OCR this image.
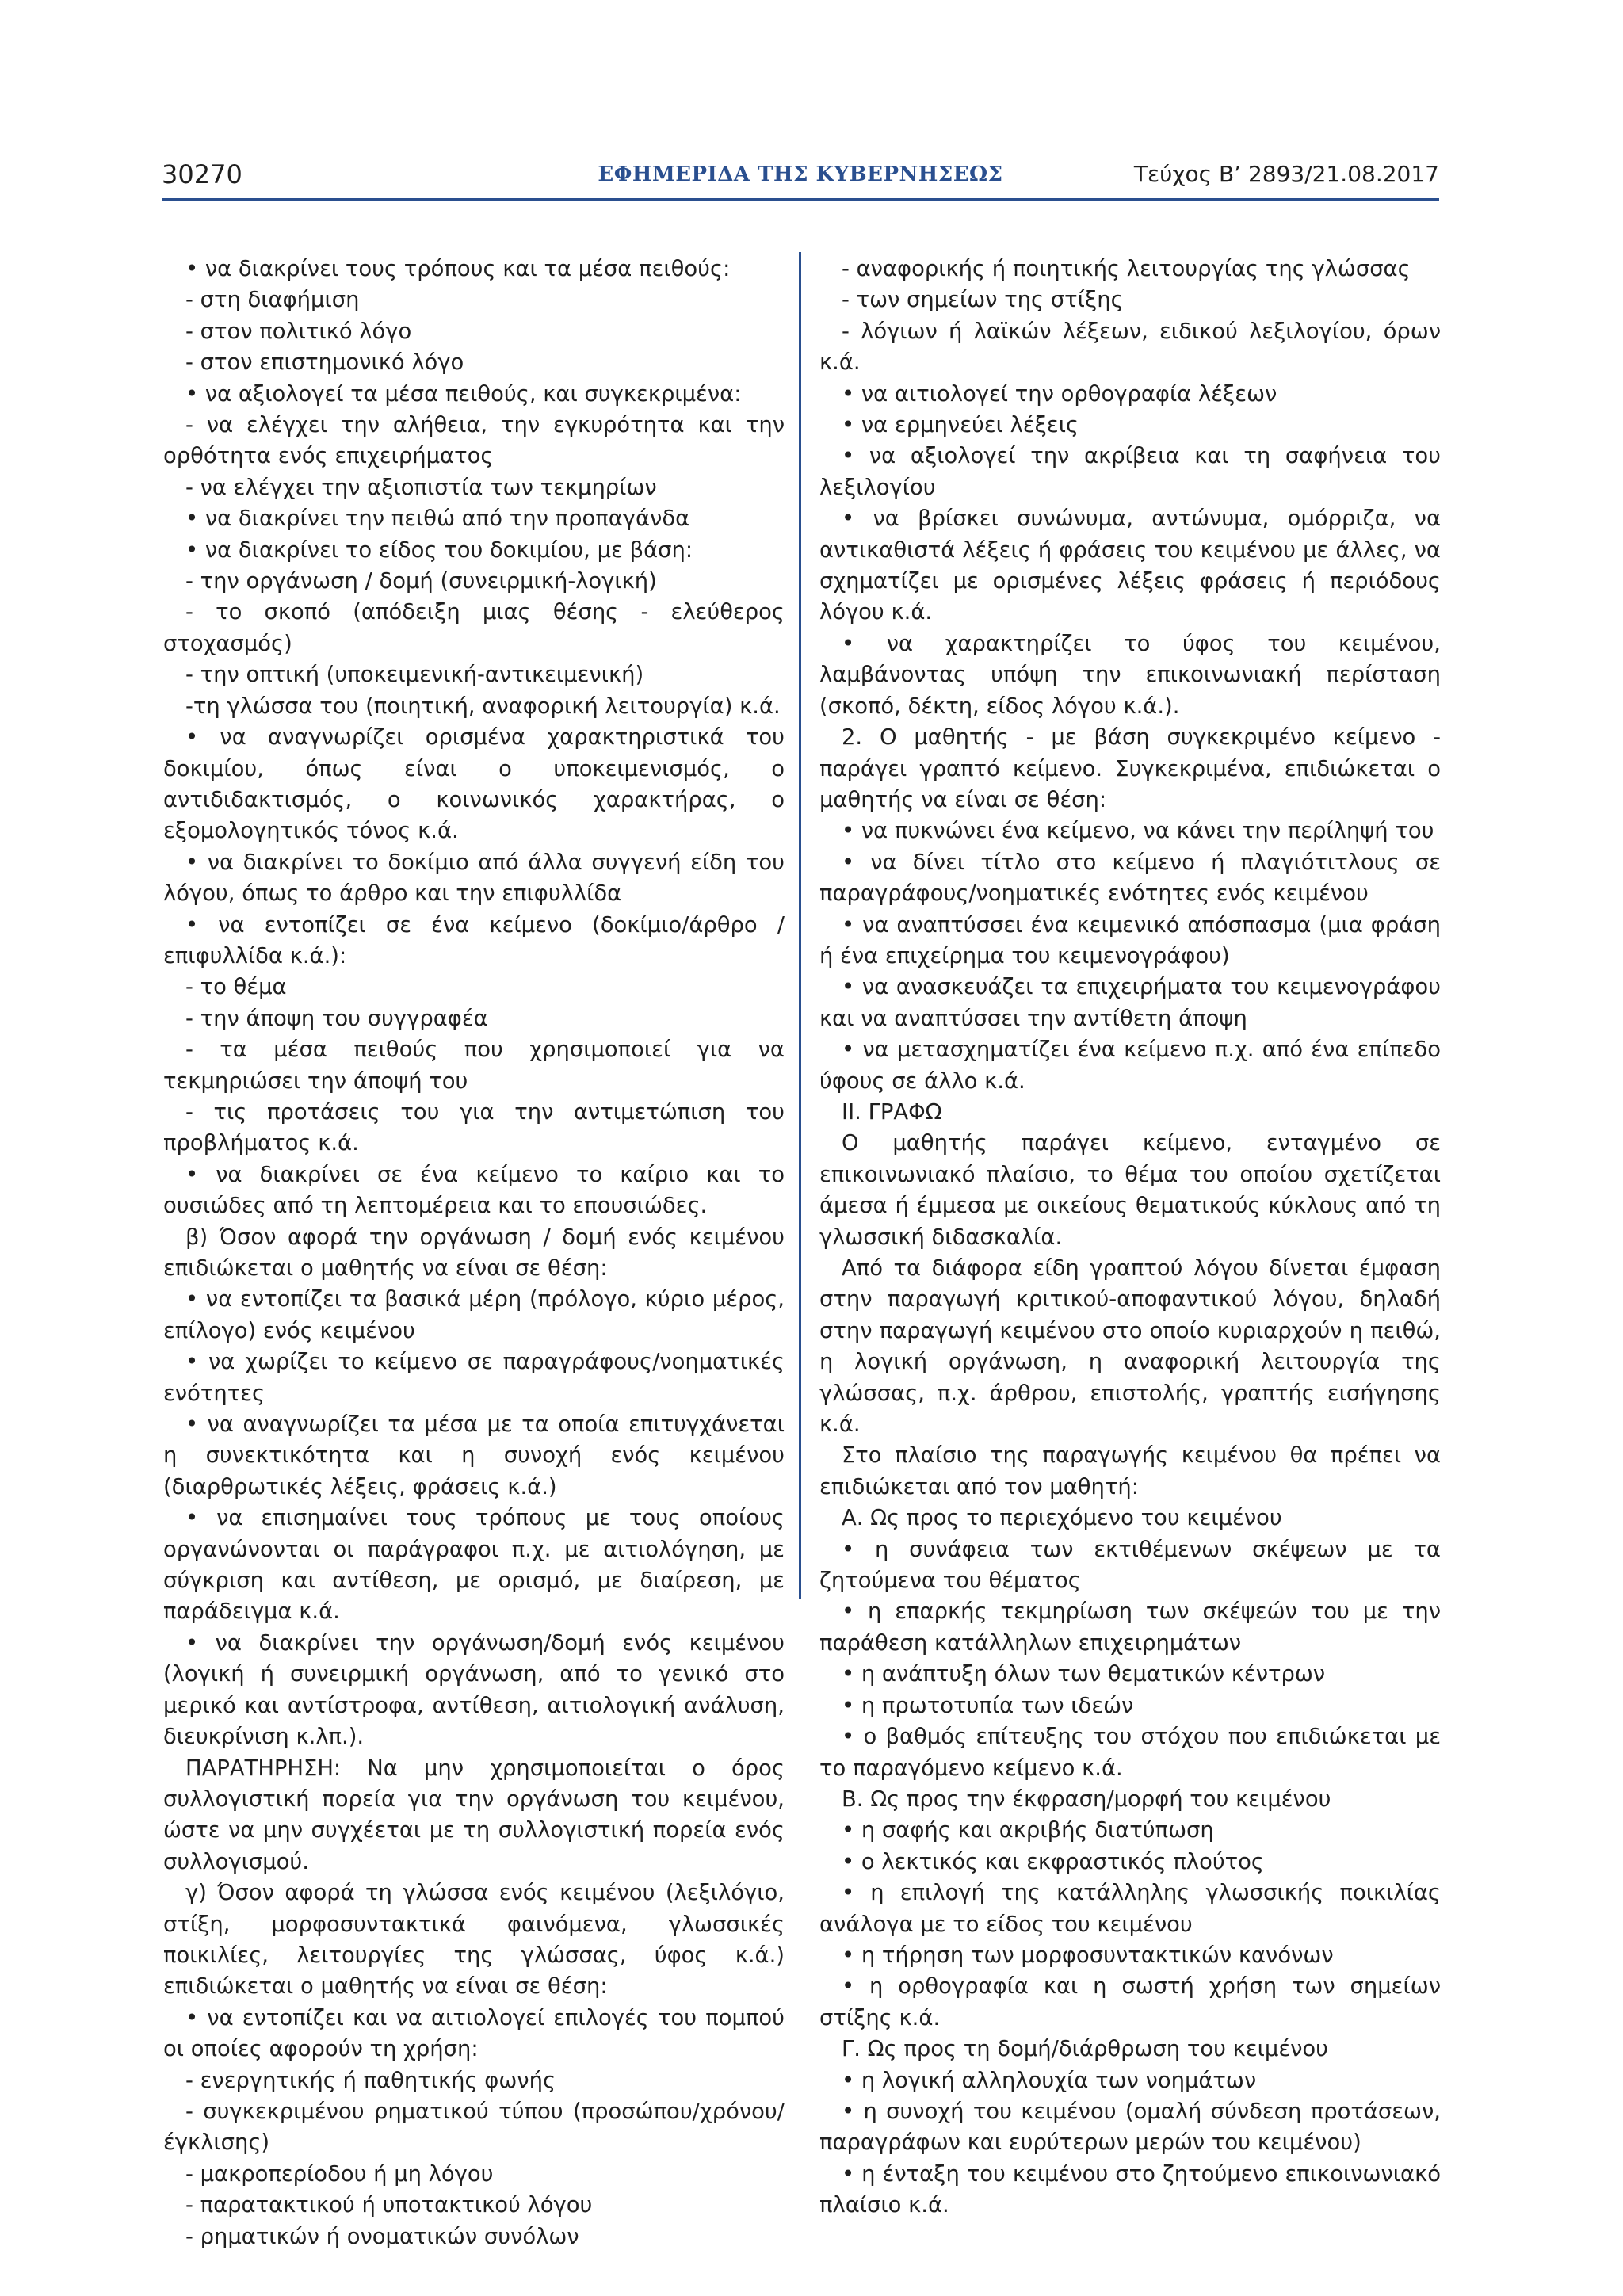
30270	ΕΦΗΜΕΡΙΔΑ ΤΗΣ ΚΥΒΕΡΝΗΣΕΩΣ	Τεύχος Β’ 2893/21.08.2017

• να διακρίνει τους τρόπους και τα μέσα πειθούς:

- στη διαφήμιση

- στον πολιτικό λόγο

- στον επιστημονικό λόγο

• να αξιολογεί τα μέσα πειθούς, και συγκεκριμένα:

- να ελέγχει την αλήθεια, την εγκυρότητα και την ορθότητα ενός επιχειρήματος

- να ελέγχει την αξιοπιστία των τεκμηρίων

• να διακρίνει την πειθώ από την προπαγάνδα

• να διακρίνει το είδος του δοκιμίου, με βάση:

- την οργάνωση / δομή (συνειρμική-λογική)

- το σκοπό (απόδειξη μιας θέσης - ελεύθερος στοχασμός)

- την οπτική (υποκειμενική-αντικειμενική)

-τη γλώσσα του (ποιητική, αναφορική λειτουργία) κ.ά.

• να αναγνωρίζει ορισμένα χαρακτηριστικά του δοκιμίου, όπως είναι ο υποκειμενισμός, ο αντιδιδακτισμός, ο κοινωνικός χαρακτήρας, ο εξομολογητικός τόνος κ.ά.

• να διακρίνει το δοκίμιο από άλλα συγγενή είδη του λόγου, όπως το άρθρο και την επιφυλλίδα

• να εντοπίζει σε ένα κείμενο (δοκίμιο/άρθρο /επιφυλλίδα κ.ά.):

- το θέμα

- την άποψη του συγγραφέα

- τα μέσα πειθούς που χρησιμοποιεί για να τεκμηριώσει την άποψή του

- τις προτάσεις του για την αντιμετώπιση του προβλήματος κ.ά.

• να διακρίνει σε ένα κείμενο το καίριο και το ουσιώδες από τη λεπτομέρεια και το επουσιώδες.

β) Όσον αφορά την οργάνωση / δομή ενός κειμένου επιδιώκεται ο μαθητής να είναι σε θέση:

• να εντοπίζει τα βασικά μέρη (πρόλογο, κύριο μέρος, επίλογο) ενός κειμένου

• να χωρίζει το κείμενο σε παραγράφους/νοηματικές ενότητες

• να αναγνωρίζει τα μέσα με τα οποία επιτυγχάνεται η συνεκτικότητα και η συνοχή ενός κειμένου (διαρθρωτικές λέξεις, φράσεις κ.ά.)

• να επισημαίνει τους τρόπους με τους οποίους οργανώνονται οι παράγραφοι π.χ. με αιτιολόγηση, με σύγκριση και αντίθεση, με ορισμό, με διαίρεση, με παράδειγμα κ.ά.

• να διακρίνει την οργάνωση/δομή ενός κειμένου (λογική ή συνειρμική οργάνωση, από το γενικό στο μερικό και αντίστροφα, αντίθεση, αιτιολογική ανάλυση, διευκρίνιση κ.λπ.).

ΠΑΡΑΤΗΡΗΣΗ: Να μην χρησιμοποιείται ο όρος συλλογιστική πορεία για την οργάνωση του κειμένου, ώστε να μην συγχέεται με τη συλλογιστική πορεία ενός συλλογισμού.

γ) Όσον αφορά τη γλώσσα ενός κειμένου (λεξιλόγιο, στίξη, μορφοσυντακτικά φαινόμενα, γλωσσικές ποικιλίες, λειτουργίες της γλώσσας, ύφος κ.ά.) επιδιώκεται ο μαθητής να είναι σε θέση:

• να εντοπίζει και να αιτιολογεί επιλογές του πομπού οι οποίες αφορούν τη χρήση:

- ενεργητικής ή παθητικής φωνής

- συγκεκριμένου ρηματικού τύπου (προσώπου/χρόνου/έγκλισης)

- μακροπερίοδου ή μη λόγου

- παρατακτικού ή υποτακτικού λόγου

- ρηματικών ή ονοματικών συνόλων

- αναφορικής ή ποιητικής λειτουργίας της γλώσσας

- των σημείων της στίξης

- λόγιων ή λαϊκών λέξεων, ειδικού λεξιλογίου, όρων κ.ά.

• να αιτιολογεί την ορθογραφία λέξεων

• να ερμηνεύει λέξεις

• να αξιολογεί την ακρίβεια και τη σαφήνεια του λεξιλογίου

• να βρίσκει συνώνυμα, αντώνυμα, ομόρριζα, να αντικαθιστά λέξεις ή φράσεις του κειμένου με άλλες, να σχηματίζει με ορισμένες λέξεις φράσεις ή περιόδους λόγου κ.ά.

• να χαρακτηρίζει το ύφος του κειμένου, λαμβάνοντας υπόψη την επικοινωνιακή περίσταση (σκοπό, δέκτη, είδος λόγου κ.ά.).

2. Ο μαθητής - με βάση συγκεκριμένο κείμενο - παράγει γραπτό κείμενο. Συγκεκριμένα, επιδιώκεται ο μαθητής να είναι σε θέση:

• να πυκνώνει ένα κείμενο, να κάνει την περίληψή του

• να δίνει τίτλο στο κείμενο ή πλαγιότιτλους σε παραγράφους/νοηματικές ενότητες ενός κειμένου

• να αναπτύσσει ένα κειμενικό απόσπασμα (μια φράση ή ένα επιχείρημα του κειμενογράφου)

• να ανασκευάζει τα επιχειρήματα του κειμενογράφου και να αναπτύσσει την αντίθετη άποψη

• να μετασχηματίζει ένα κείμενο π.χ. από ένα επίπεδο ύφους σε άλλο κ.ά.

ΙΙ. ΓΡΑΦΩ

Ο μαθητής παράγει κείμενο, ενταγμένο σε επικοινωνιακό πλαίσιο, το θέμα του οποίου σχετίζεται άμεσα ή έμμεσα με οικείους θεματικούς κύκλους από τη γλωσσική διδασκαλία.

Από τα διάφορα είδη γραπτού λόγου δίνεται έμφαση στην παραγωγή κριτικού-αποφαντικού λόγου, δηλαδή στην παραγωγή κειμένου στο οποίο κυριαρχούν η πειθώ, η λογική οργάνωση, η αναφορική λειτουργία της γλώσσας, π.χ. άρθρου, επιστολής, γραπτής εισήγησης κ.ά.

Στο πλαίσιο της παραγωγής κειμένου θα πρέπει να επιδιώκεται από τον μαθητή:

Α. Ως προς το περιεχόμενο του κειμένου

• η συνάφεια των εκτιθέμενων σκέψεων με τα ζητούμενα του θέματος

• η επαρκής τεκμηρίωση των σκέψεών του με την παράθεση κατάλληλων επιχειρημάτων

• η ανάπτυξη όλων των θεματικών κέντρων

• η πρωτοτυπία των ιδεών

• ο βαθμός επίτευξης του στόχου που επιδιώκεται με το παραγόμενο κείμενο κ.ά.

Β. Ως προς την έκφραση/μορφή του κειμένου

• η σαφής και ακριβής διατύπωση

• ο λεκτικός και εκφραστικός πλούτος

• η επιλογή της κατάλληλης γλωσσικής ποικιλίας ανάλογα με το είδος του κειμένου

• η τήρηση των μορφοσυντακτικών κανόνων

• η ορθογραφία και η σωστή χρήση των σημείων στίξης κ.ά.

Γ. Ως προς τη δομή/διάρθρωση του κειμένου

• η λογική αλληλουχία των νοημάτων

• η συνοχή του κειμένου (ομαλή σύνδεση προτάσεων, παραγράφων και ευρύτερων μερών του κειμένου)

• η ένταξη του κειμένου στο ζητούμενο επικοινωνιακό πλαίσιο κ.ά.
